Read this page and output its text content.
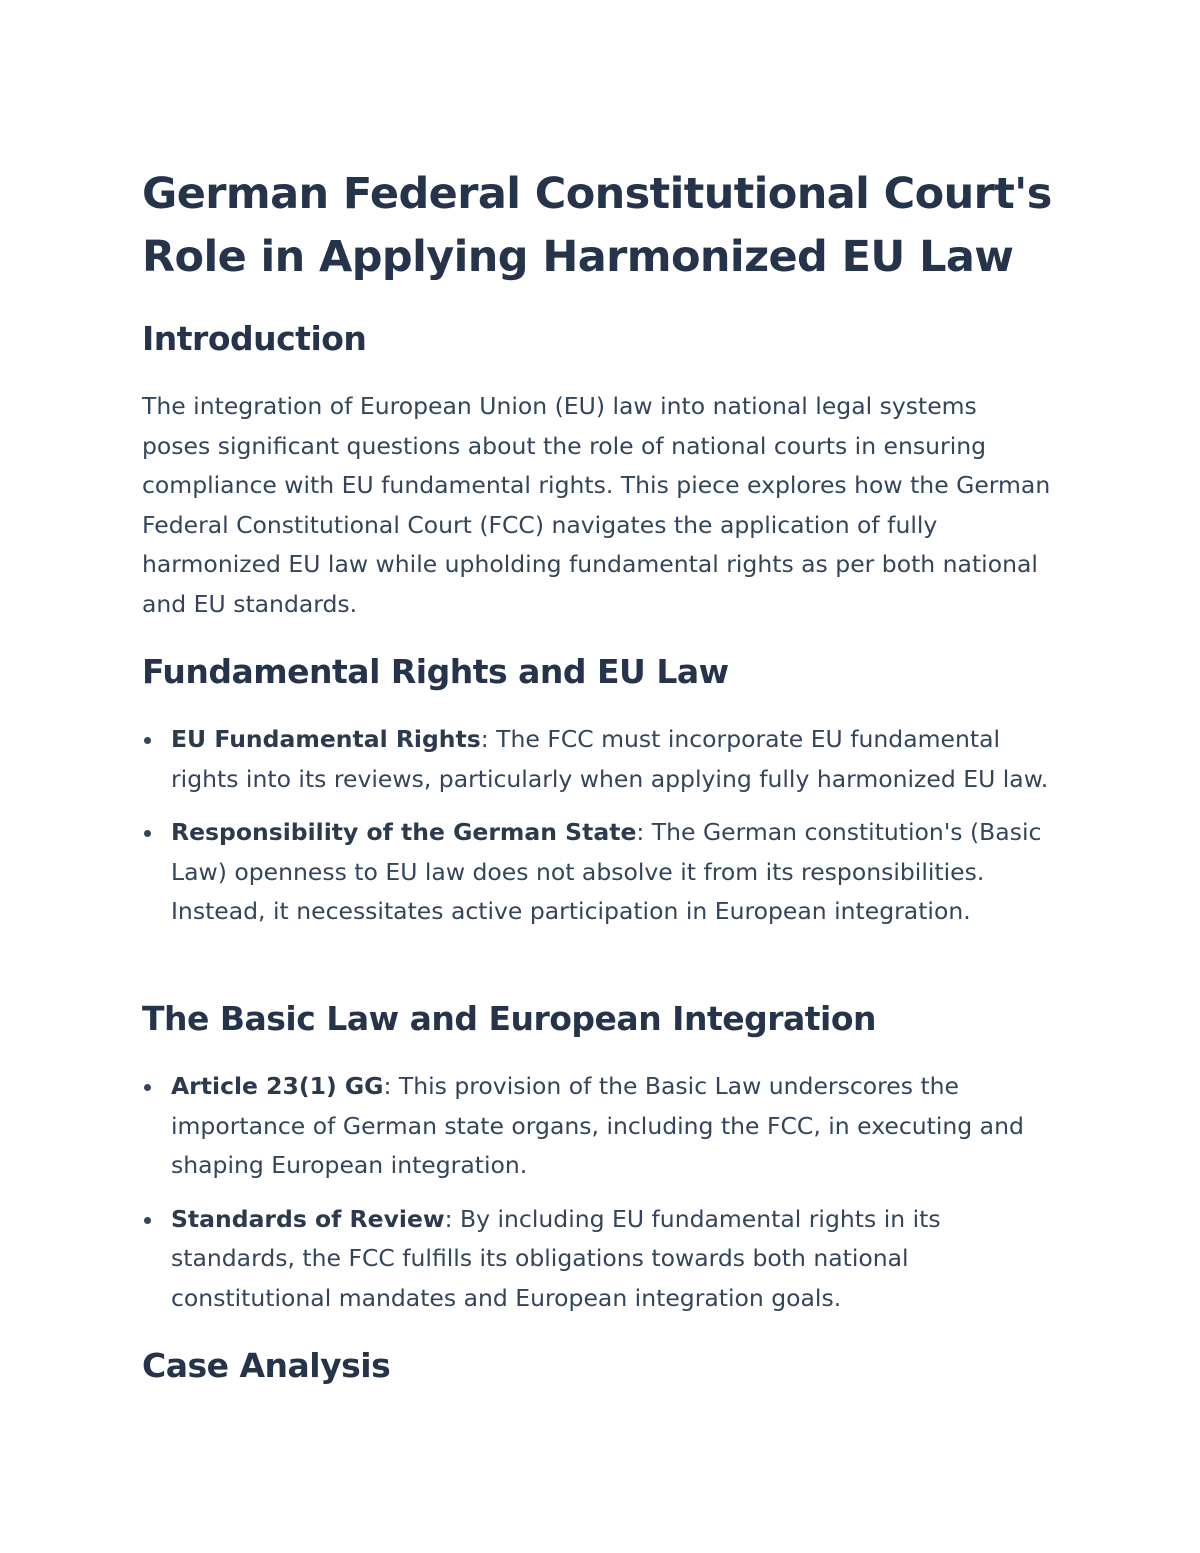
German Federal Constitutional Court's Role in Applying Harmonized EU Law
Introduction

The integration of European Union (EU) law into national legal systems poses significant questions about the role of national courts in ensuring compliance with EU fundamental rights. This piece explores how the German Federal Constitutional Court (FCC) navigates the application of fully harmonized EU law while upholding fundamental rights as per both national and EU standards.

Fundamental Rights and EU Law
EU Fundamental Rights: The FCC must incorporate EU fundamental rights into its reviews, particularly when applying fully harmonized EU law.
Responsibility of the German State: The German constitution's (Basic Law) openness to EU law does not absolve it from its responsibilities. Instead, it necessitates active participation in European integration.
The Basic Law and European Integration
Article 23(1) GG: This provision of the Basic Law underscores the importance of German state organs, including the FCC, in executing and shaping European integration.
Standards of Review: By including EU fundamental rights in its standards, the FCC fulfills its obligations towards both national constitutional mandates and European integration goals.
Case Analysis
